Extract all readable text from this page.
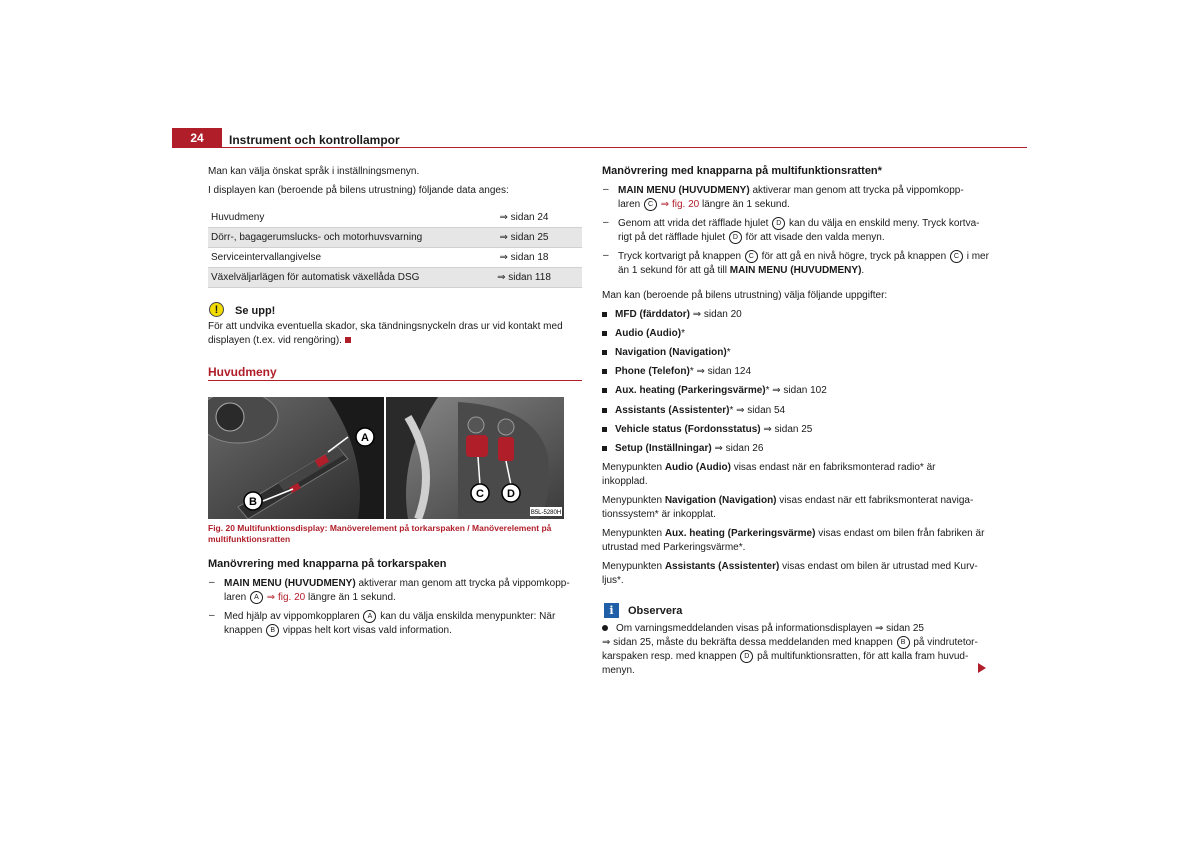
24	Instrument och kontrollampor

Man kan välja önskat språk i inställningsmenyn.

I displayen kan (beroende på bilens utrustning) följande data anges:

Huvudmeny	⇒ sidan 24
Dörr-, bagagerumslucks- och motorhuvsvarning	⇒ sidan 25
Serviceintervallangivelse	⇒ sidan 18
Växelväljarlägen för automatisk växellåda DSG	⇒ sidan 118
!	Se upp!

För att undvika eventuella skador, ska tändningsnyckeln dras ur vid kontakt med

displayen (t.ex. vid rengöring).

Huvudmeny
A
B
C D
B5L-5280H

Fig. 20 Multifunktionsdisplay: Manöverelement på torkarspaken / Manöverelement på

multifunktionsratten

Manövrering med knapparna på torkarspaken
– MAIN MENU (HUVUDMENY) aktiverar man genom att trycka på vippomkopp-

laren A ⇒ fig. 20 längre än 1 sekund.

– Med hjälp av vippomkopplaren A kan du välja enskilda menypunkter: När

knappen B vippas helt kort visas vald information.

Manövrering med knapparna på multifunktionsratten*
– MAIN MENU (HUVUDMENY) aktiverar man genom att trycka på vippomkopp-

laren C ⇒ fig. 20 längre än 1 sekund.

– Genom att vrida det räfflade hjulet D kan du välja en enskild meny. Tryck kortva-

rigt på det räfflade hjulet D för att visade den valda menyn.

– Tryck kortvarigt på knappen C för att gå en nivå högre, tryck på knappen C i mer

än 1 sekund för att gå till MAIN MENU (HUVUDMENY).

Man kan (beroende på bilens utrustning) välja följande uppgifter:

MFD (färddator) ⇒ sidan 20

Audio (Audio)*

Navigation (Navigation)*

Phone (Telefon)* ⇒ sidan 124

Aux. heating (Parkeringsvärme)* ⇒ sidan 102

Assistants (Assistenter)* ⇒ sidan 54

Vehicle status (Fordonsstatus) ⇒ sidan 25

Setup (Inställningar) ⇒ sidan 26

Menypunkten Audio (Audio) visas endast när en fabriksmonterad radio* är

inkopplad.

Menypunkten Navigation (Navigation) visas endast när ett fabriksmonterat naviga-

tionssystem* är inkopplat.

Menypunkten Aux. heating (Parkeringsvärme) visas endast om bilen från fabriken är

utrustad med Parkeringsvärme*.

Menypunkten Assistants (Assistenter) visas endast om bilen är utrustad med Kurv-

ljus*.

i	Observera

Om varningsmeddelanden visas på informationsdisplayen ⇒ sidan 25

⇒ sidan 25, måste du bekräfta dessa meddelanden med knappen B på vindrutetor-

karspaken resp. med knappen D på multifunktionsratten, för att kalla fram huvud-

menyn.
